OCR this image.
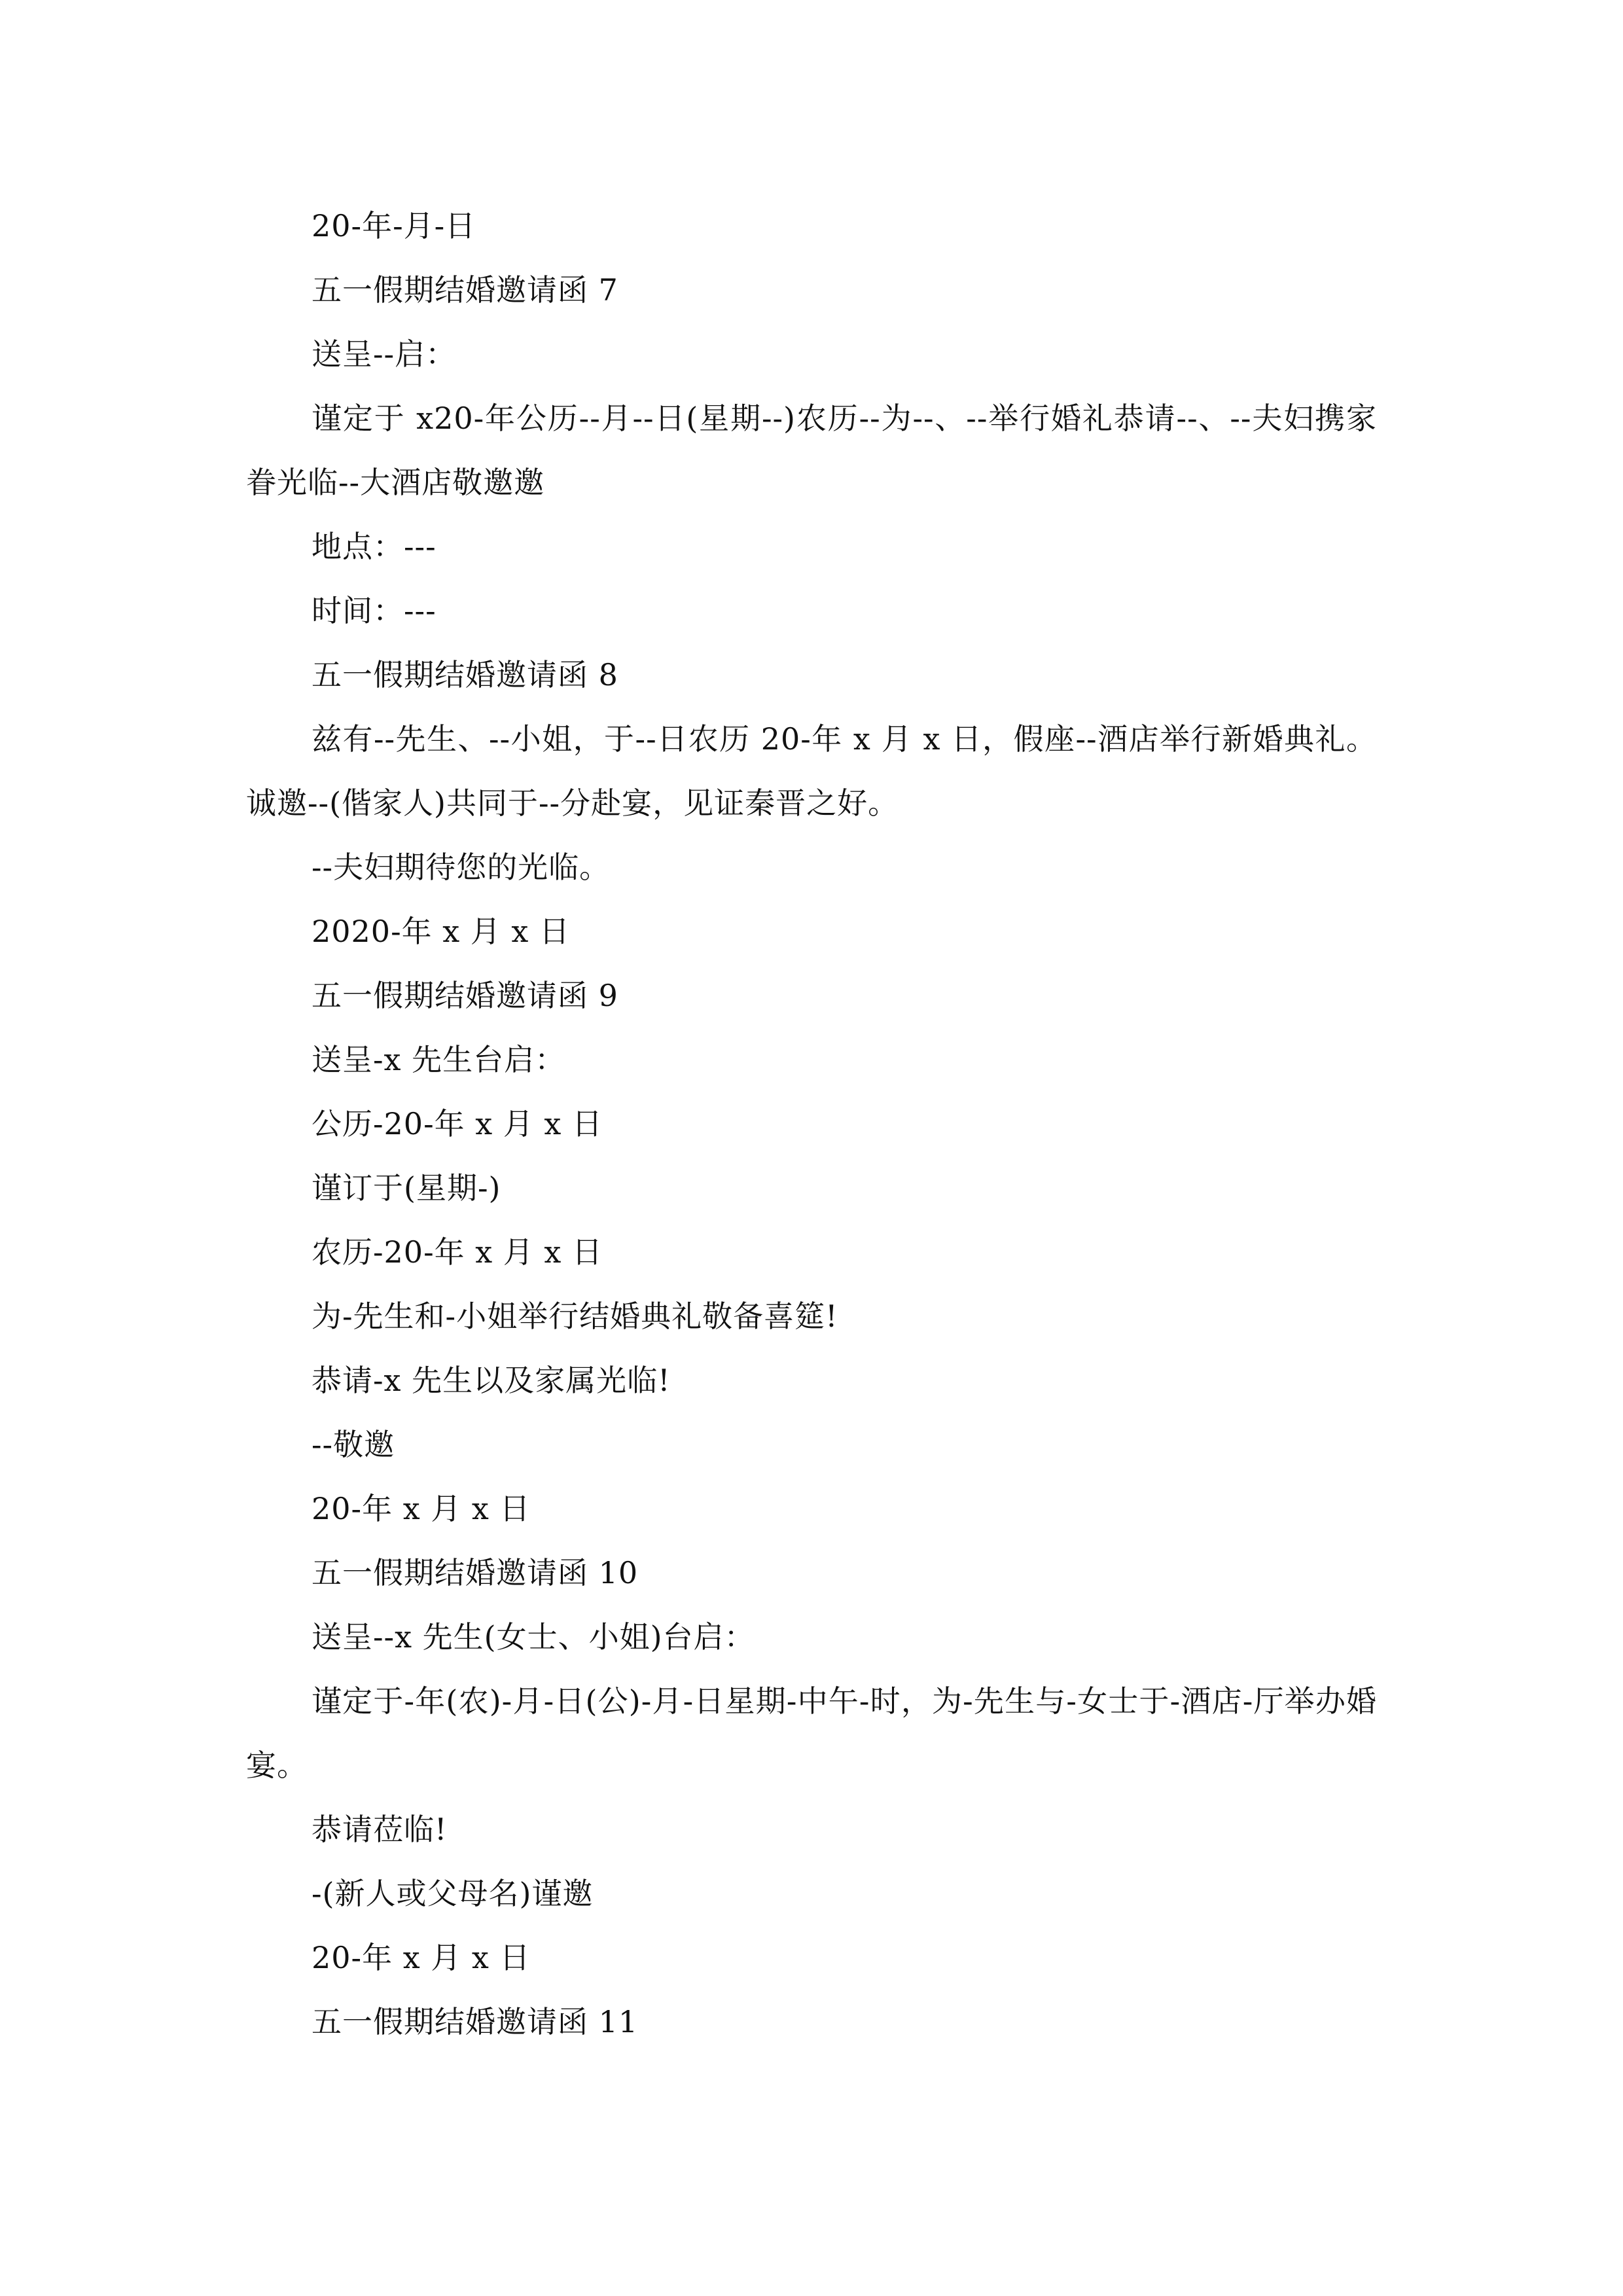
20-年-月-日
五一假期结婚邀请函 7
送呈--启：
谨定于 x20-年公历--月--日(星期--)农历--为--、--举行婚礼恭请--、--夫妇携家眷光临--大酒店敬邀邀
地点：---
时间：---
五一假期结婚邀请函 8
兹有--先生、--小姐，于--日农历 20-年 x 月 x 日，假座--酒店举行新婚典礼。诚邀--(偕家人)共同于--分赴宴，见证秦晋之好。
--夫妇期待您的光临。
2020-年 x 月 x 日
五一假期结婚邀请函 9
送呈-x 先生台启：
公历-20-年 x 月 x 日
谨订于(星期-)
农历-20-年 x 月 x 日
为-先生和-小姐举行结婚典礼敬备喜筵!
恭请-x 先生以及家属光临!
--敬邀
20-年 x 月 x 日
五一假期结婚邀请函 10
送呈--x 先生(女士、小姐)台启：
谨定于-年(农)-月-日(公)-月-日星期-中午-时，为-先生与-女士于-酒店-厅举办婚宴。
恭请莅临!
-(新人或父母名)谨邀
20-年 x 月 x 日
五一假期结婚邀请函 11
